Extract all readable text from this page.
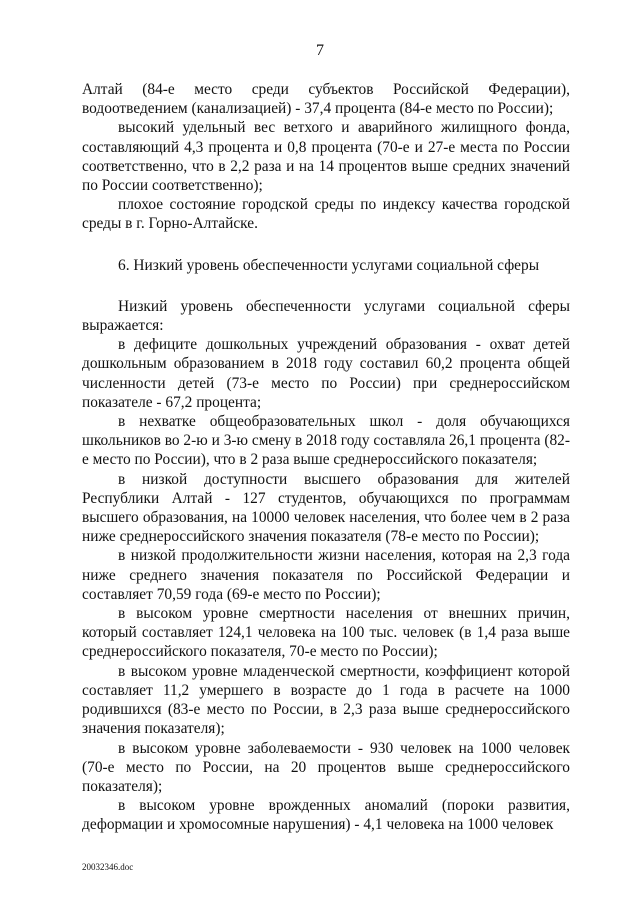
7

Алтай (84-е место среди субъектов Российской Федерации), водоотведением (канализацией) - 37,4 процента (84-е место по России);

высокий удельный вес ветхого и аварийного жилищного фонда, составляющий 4,3 процента и 0,8 процента (70-е и 27-е места по России соответственно, что в 2,2 раза и на 14 процентов выше средних значений по России соответственно);

плохое состояние городской среды по индексу качества городской среды в г. Горно-Алтайске.

6. Низкий уровень обеспеченности услугами социальной сферы

Низкий уровень обеспеченности услугами социальной сферы выражается:

в дефиците дошкольных учреждений образования - охват детей дошкольным образованием в 2018 году составил 60,2 процента общей численности детей (73-е место по России) при среднероссийском показателе - 67,2 процента;

в нехватке общеобразовательных школ - доля обучающихся школьников во 2-ю и 3-ю смену в 2018 году составляла 26,1 процента (82-е место по России), что в 2 раза выше среднероссийского показателя;

в низкой доступности высшего образования для жителей Республики Алтай - 127 студентов, обучающихся по программам высшего образования, на 10000 человек населения, что более чем в 2 раза ниже среднероссийского значения показателя (78-е место по России);

в низкой продолжительности жизни населения, которая на 2,3 года ниже среднего значения показателя по Российской Федерации и составляет 70,59 года (69-е место по России);

в высоком уровне смертности населения от внешних причин, который составляет 124,1 человека на 100 тыс. человек (в 1,4 раза выше среднероссийского показателя, 70-е место по России);

в высоком уровне младенческой смертности, коэффициент которой составляет 11,2 умершего в возрасте до 1 года в расчете на 1000 родившихся (83-е место по России, в 2,3 раза выше среднероссийского значения показателя);

в высоком уровне заболеваемости - 930 человек на 1000 человек (70-е место по России, на 20 процентов выше среднероссийского показателя);

в высоком уровне врожденных аномалий (пороки развития, деформации и хромосомные нарушения) - 4,1 человека на 1000 человек

20032346.doc
